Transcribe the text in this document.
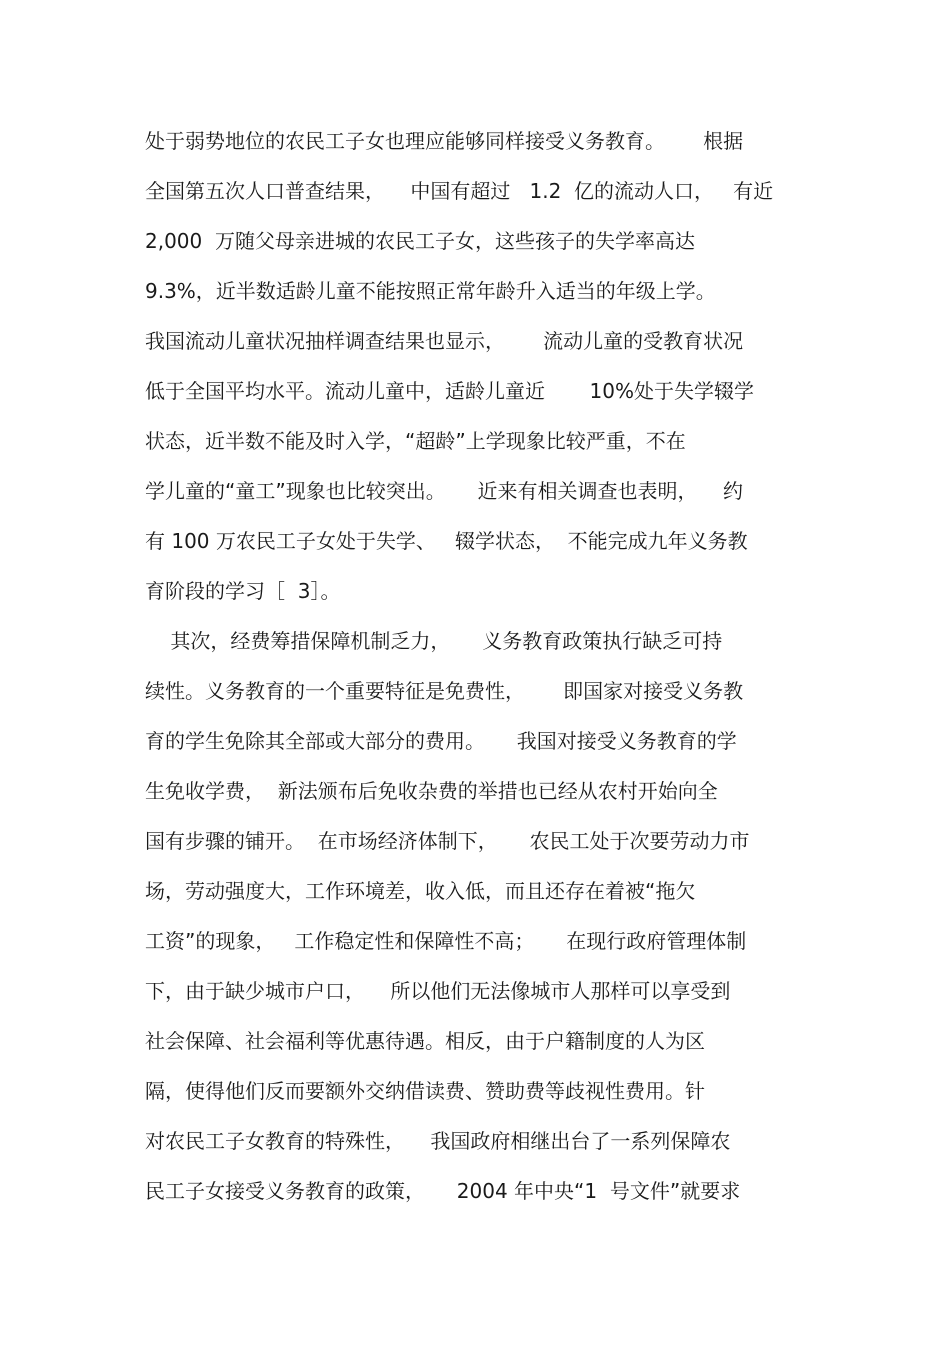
处于弱势地位的农民工子女也理应能够同样接受义务教育。      根据
全国第五次人口普查结果，    中国有超过   1.2  亿的流动人口，   有近
2,000  万随父母亲进城的农民工子女，这些孩子的失学率高达
9.3%，近半数适龄儿童不能按照正常年龄升入适当的年级上学。
我国流动儿童状况抽样调查结果也显示，      流动儿童的受教育状况
低于全国平均水平。流动儿童中，适龄儿童近       10%处于失学辍学
状态，近半数不能及时入学，“超龄”上学现象比较严重，不在
学儿童的“童工”现象也比较突出。     近来有相关调查也表明，    约
有 100 万农民工子女处于失学、   辍学状态，  不能完成九年义务教
育阶段的学习［  3］。
其次，经费筹措保障机制乏力，     义务教育政策执行缺乏可持
续性。义务教育的一个重要特征是免费性，      即国家对接受义务教
育的学生免除其全部或大部分的费用。     我国对接受义务教育的学
生免收学费，  新法颁布后免收杂费的举措也已经从农村开始向全
国有步骤的铺开。  在市场经济体制下，     农民工处于次要劳动力市
场，劳动强度大，工作环境差，收入低，而且还存在着被“拖欠
工资”的现象，   工作稳定性和保障性不高；     在现行政府管理体制
下，由于缺少城市户口，    所以他们无法像城市人那样可以享受到
社会保障、社会福利等优惠待遇。相反，由于户籍制度的人为区
隔，使得他们反而要额外交纳借读费、赞助费等歧视性费用。针
对农民工子女教育的特殊性，    我国政府相继出台了一系列保障农
民工子女接受义务教育的政策，     2004 年中央“1  号文件”就要求
